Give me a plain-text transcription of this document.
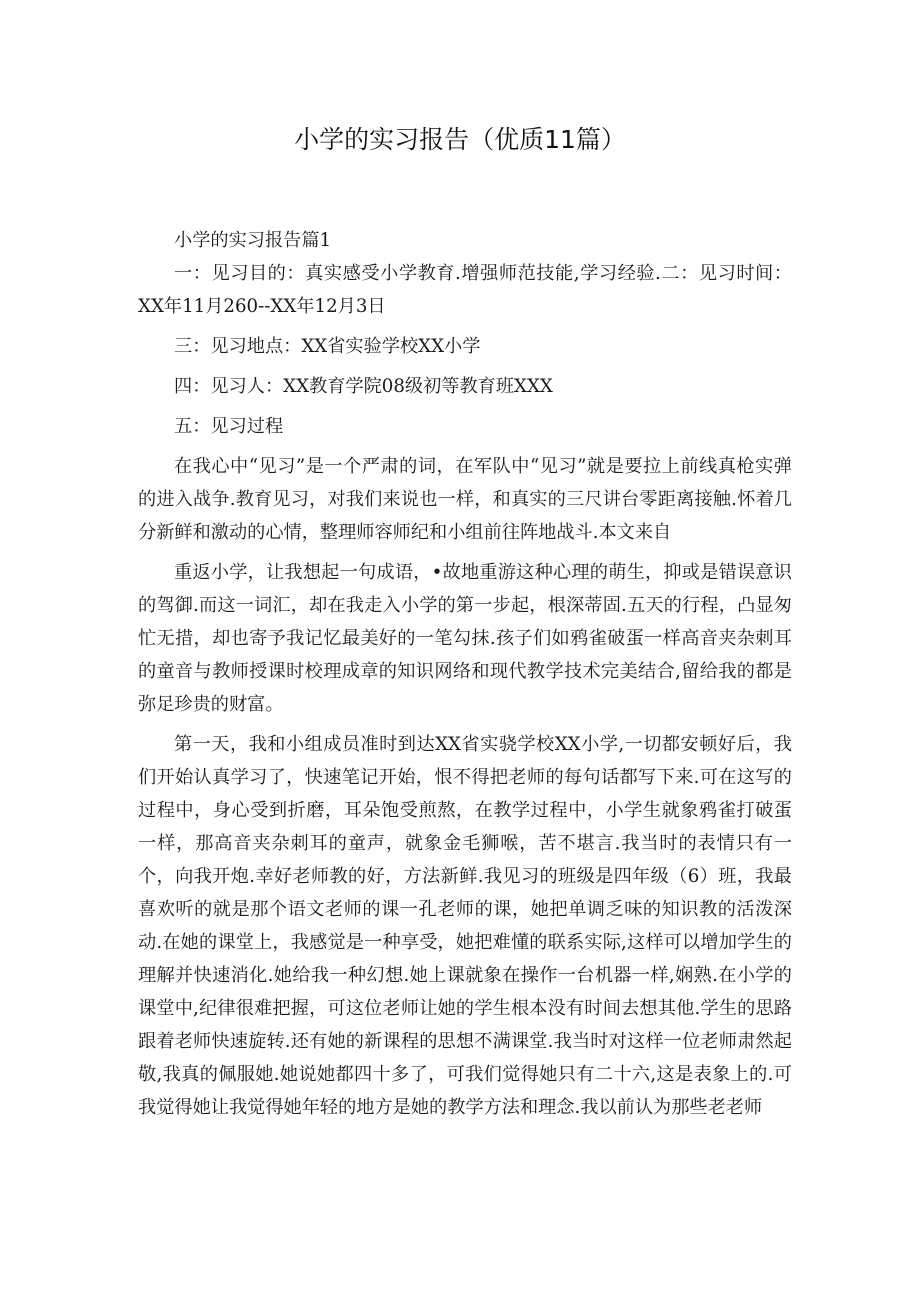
小学的实习报告（优质11篇）

小学的实习报告篇1

一：见习目的：真实感受小学教育.增强师范技能,学习经验.二：见习时间：XX年11月260--XX年12月3日

三：见习地点：XX省实验学校XX小学

四：见习人：XX教育学院08级初等教育班XXX

五：见习过程

在我心中“见习”是一个严肃的词，在军队中“见习”就是要拉上前线真枪实弹的进入战争.教育见习，对我们来说也一样，和真实的三尺讲台零距离接触.怀着几分新鲜和激动的心情，整理师容师纪和小组前往阵地战斗.本文来自

重返小学，让我想起一句成语，•故地重游这种心理的萌生，抑或是错误意识的驾御.而这一词汇，却在我走入小学的第一步起，根深蒂固.五天的行程，凸显匆忙无措，却也寄予我记忆最美好的一笔勾抹.孩子们如鸦雀破蛋一样高音夹杂刺耳的童音与教师授课时校理成章的知识网络和现代教学技术完美结合,留给我的都是弥足珍贵的财富。

第一天，我和小组成员准时到达XX省实骁学校XX小学,一切都安顿好后，我们开始认真学习了，快速笔记开始，恨不得把老师的每句话都写下来.可在这写的过程中，身心受到折磨，耳朵饱受煎熬，在教学过程中，小学生就象鸦雀打破蛋一样，那高音夹杂刺耳的童声，就象金毛狮喉，苦不堪言.我当时的表情只有一个，向我开炮.幸好老师教的好，方法新鲜.我见习的班级是四年级（6）班，我最喜欢听的就是那个语文老师的课一孔老师的课，她把单调乏味的知识教的活泼深动.在她的课堂上，我感觉是一种享受，她把难懂的联系实际,这样可以增加学生的理解并快速消化.她给我一种幻想.她上课就象在操作一台机器一样,娴熟.在小学的课堂中,纪律很难把握，可这位老师让她的学生根本没有时间去想其他.学生的思路跟着老师快速旋转.还有她的新课程的思想不满课堂.我当时对这样一位老师肃然起敬,我真的佩服她.她说她都四十多了，可我们觉得她只有二十六,这是表象上的.可我觉得她让我觉得她年轻的地方是她的教学方法和理念.我以前认为那些老老师
